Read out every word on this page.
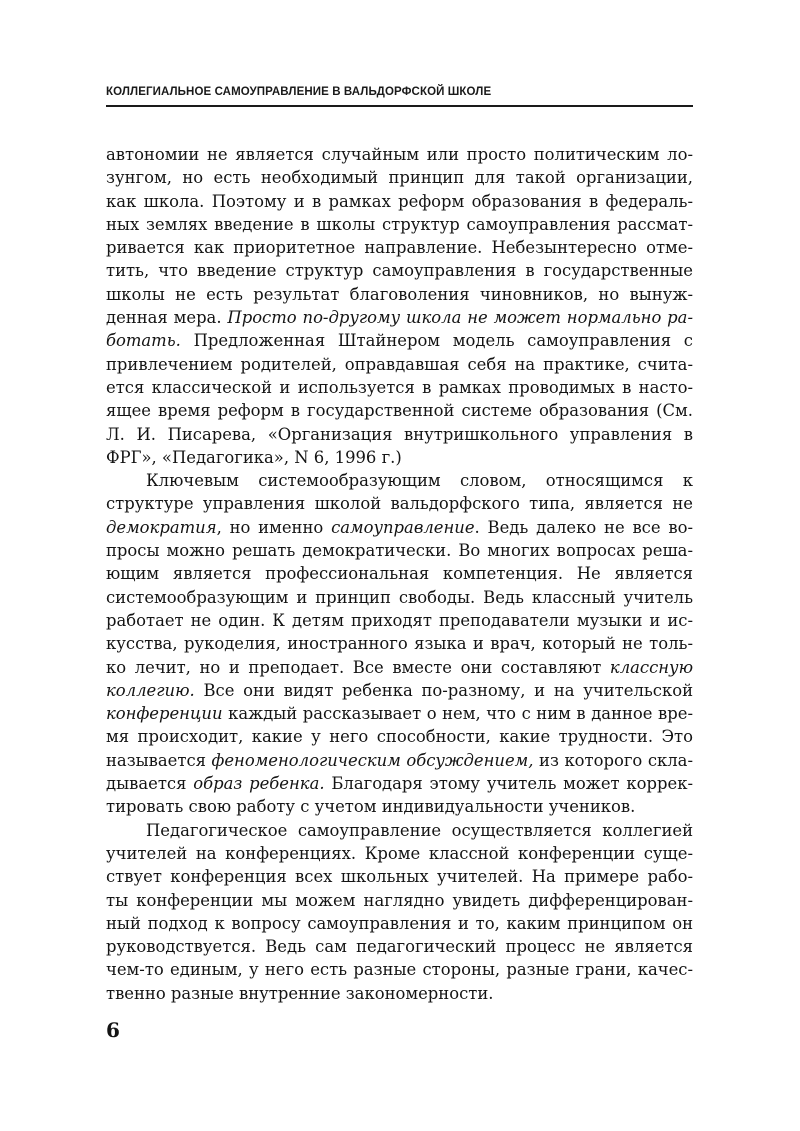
КОЛЛЕГИАЛЬНОЕ САМОУПРАВЛЕНИЕ В ВАЛЬДОРФСКОЙ ШКОЛЕ
автономии не является случайным или просто политическим ло-
зунгом, но есть необходимый принцип для такой организации,
как школа. Поэтому и в рамках реформ образования в федераль-
ных землях введение в школы структур самоуправления рассмат-
ривается как приоритетное направление. Небезынтересно отме-
тить, что введение структур самоуправления в государственные
школы не есть результат благоволения чиновников, но вынуж-
денная мера. Просто по-другому школа не может нормально ра-
ботать. Предложенная Штайнером модель самоуправления с
привлечением родителей, оправдавшая себя на практике, счита-
ется классической и используется в рамках проводимых в насто-
ящее время реформ в государственной системе образования (См.
Л. И. Писарева, «Организация внутришкольного управления в
ФРГ», «Педагогика», N 6, 1996 г.)
Ключевым системообразующим словом, относящимся к
структуре управления школой вальдорфского типа, является не
демократия, но именно самоуправление. Ведь далеко не все во-
просы можно решать демократически. Во многих вопросах реша-
ющим является профессиональная компетенция. Не является
системообразующим и принцип свободы. Ведь классный учитель
работает не один. К детям приходят преподаватели музыки и ис-
кусства, рукоделия, иностранного языка и врач, который не толь-
ко лечит, но и преподает. Все вместе они составляют классную
коллегию. Все они видят ребенка по-разному, и на учительской
конференции каждый рассказывает о нем, что с ним в данное вре-
мя происходит, какие у него способности, какие трудности. Это
называется феноменологическим обсуждением, из которого скла-
дывается образ ребенка. Благодаря этому учитель может коррек-
тировать свою работу с учетом индивидуальности учеников.
Педагогическое самоуправление осуществляется коллегией
учителей на конференциях. Кроме классной конференции суще-
ствует конференция всех школьных учителей. На примере рабо-
ты конференции мы можем наглядно увидеть дифференцирован-
ный подход к вопросу самоуправления и то, каким принципом он
руководствуется. Ведь сам педагогический процесс не является
чем-то единым, у него есть разные стороны, разные грани, качес-
твенно разные внутренние закономерности.
6
